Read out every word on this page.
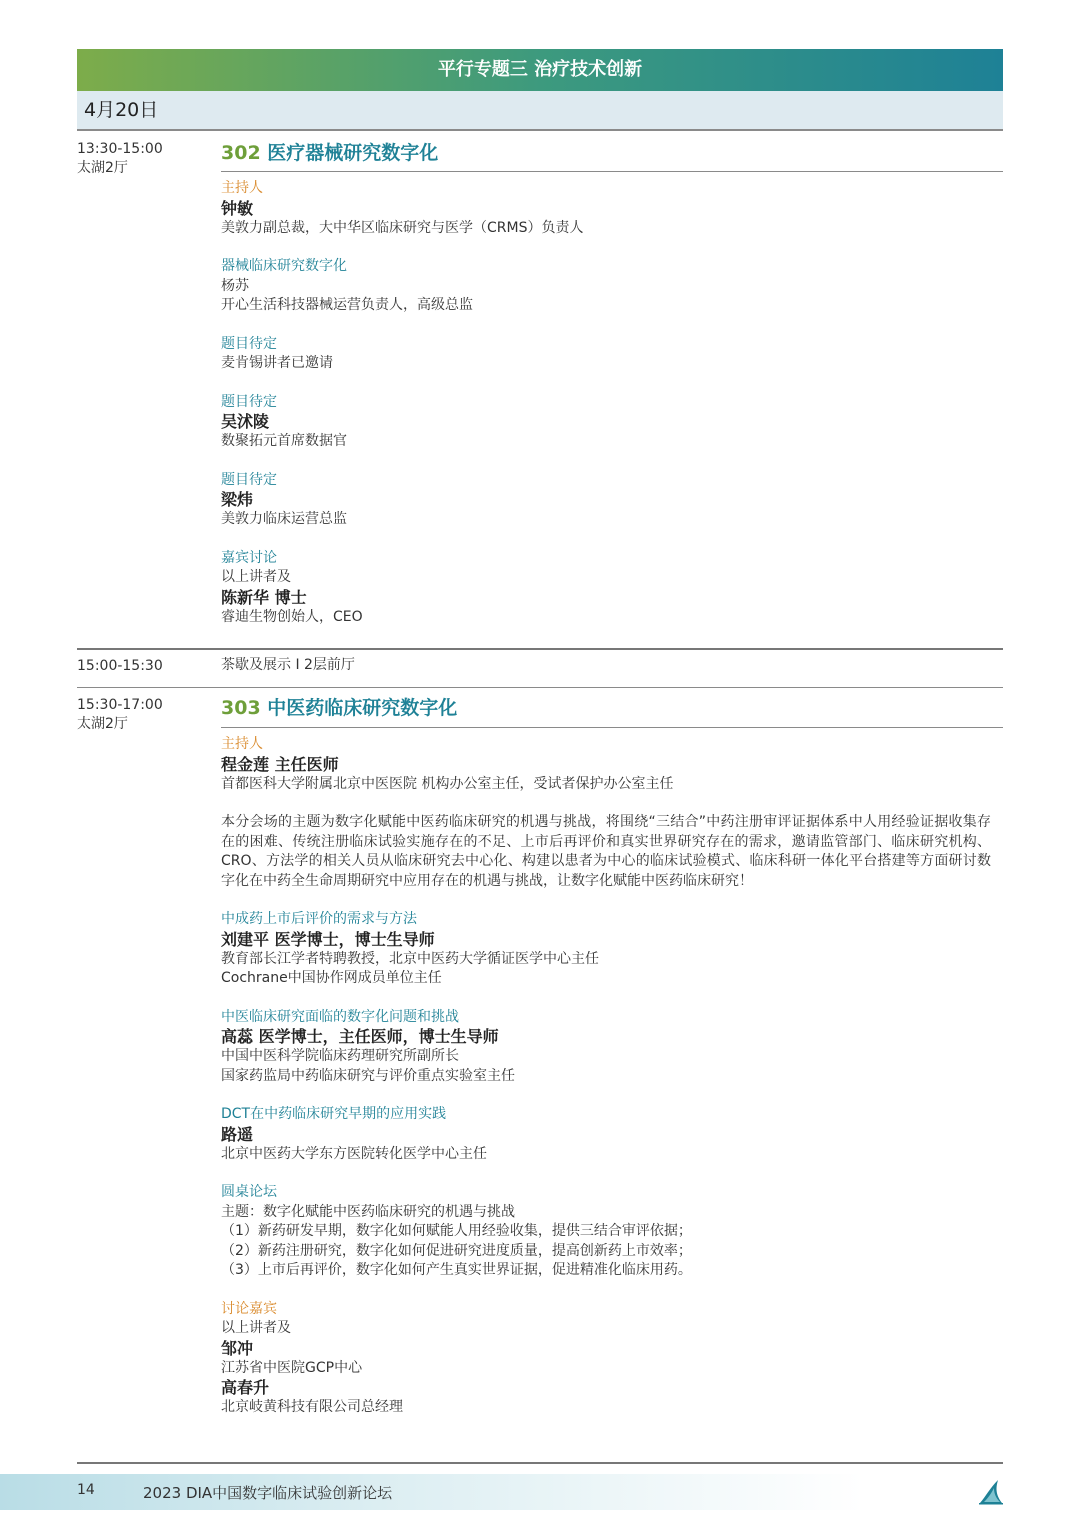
平行专题三 治疗技术创新
4月20日
13:30-15:00
太湖2厅
302 医疗器械研究数字化

主持人

钟敏

美敦力副总裁，大中华区临床研究与医学（CRMS）负责人

器械临床研究数字化

杨苏

开心生活科技器械运营负责人，高级总监

题目待定

麦肯锡讲者已邀请

题目待定

吴沭陵

数聚拓元首席数据官

题目待定

梁炜

美敦力临床运营总监

嘉宾讨论

以上讲者及

陈新华 博士

睿迪生物创始人，CEO

15:00-15:30	茶歇及展示 I 2层前厅
15:30-17:00
太湖2厅
303 中医药临床研究数字化

主持人

程金莲 主任医师

首都医科大学附属北京中医医院 机构办公室主任，受试者保护办公室主任

本分会场的主题为数字化赋能中医药临床研究的机遇与挑战，将围绕“三结合”中药注册审评证据体系中人用经验证据收集存在的困难、传统注册临床试验实施存在的不足、上市后再评价和真实世界研究存在的需求，邀请监管部门、临床研究机构、CRO、方法学的相关人员从临床研究去中心化、构建以患者为中心的临床试验模式、临床科研一体化平台搭建等方面研讨数字化在中药全生命周期研究中应用存在的机遇与挑战，让数字化赋能中医药临床研究！

中成药上市后评价的需求与方法

刘建平 医学博士，博士生导师

教育部长江学者特聘教授，北京中医药大学循证医学中心主任

Cochrane中国协作网成员单位主任

中医临床研究面临的数字化问题和挑战

高蕊 医学博士，主任医师，博士生导师

中国中医科学院临床药理研究所副所长

国家药监局中药临床研究与评价重点实验室主任

DCT在中药临床研究早期的应用实践

路遥

北京中医药大学东方医院转化医学中心主任

圆桌论坛

主题：数字化赋能中医药临床研究的机遇与挑战

（1）新药研发早期，数字化如何赋能人用经验收集，提供三结合审评依据；

（2）新药注册研究，数字化如何促进研究进度质量，提高创新药上市效率；

（3）上市后再评价，数字化如何产生真实世界证据，促进精准化临床用药。

讨论嘉宾

以上讲者及

邹冲

江苏省中医院GCP中心

高春升

北京岐黄科技有限公司总经理

14	2023 DIA中国数字临床试验创新论坛
